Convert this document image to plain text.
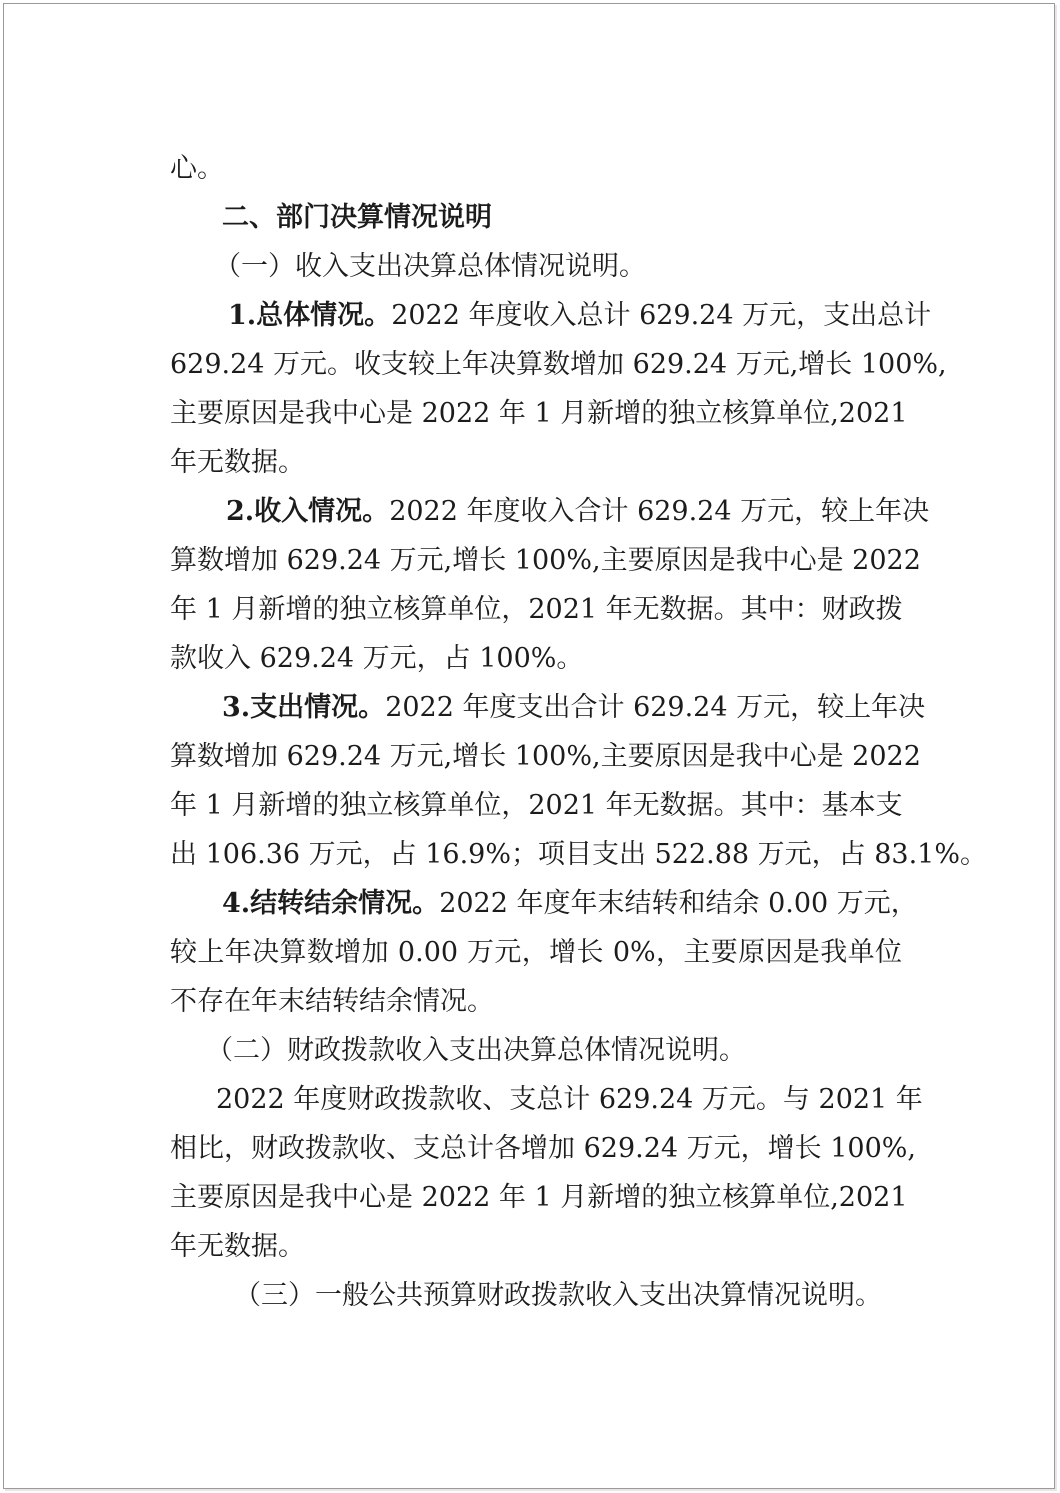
心。
二、部门决算情况说明
（一）收入支出决算总体情况说明。
1.总体情况。2022 年度收入总计 629.24 万元，支出总计
629.24 万元。收支较上年决算数增加 629.24 万元,增长 100%,
主要原因是我中心是 2022 年 1 月新增的独立核算单位,2021
年无数据。
2.收入情况。2022 年度收入合计 629.24 万元，较上年决
算数增加 629.24 万元,增长 100%,主要原因是我中心是 2022
年 1 月新增的独立核算单位，2021 年无数据。其中：财政拨
款收入 629.24 万元，占 100%。
3.支出情况。2022 年度支出合计 629.24 万元，较上年决
算数增加 629.24 万元,增长 100%,主要原因是我中心是 2022
年 1 月新增的独立核算单位，2021 年无数据。其中：基本支
出 106.36 万元，占 16.9%；项目支出 522.88 万元，占 83.1%。
4.结转结余情况。2022 年度年末结转和结余 0.00 万元，
较上年决算数增加 0.00 万元，增长 0%，主要原因是我单位
不存在年末结转结余情况。
（二）财政拨款收入支出决算总体情况说明。
2022 年度财政拨款收、支总计 629.24 万元。与 2021 年
相比，财政拨款收、支总计各增加 629.24 万元，增长 100%,
主要原因是我中心是 2022 年 1 月新增的独立核算单位,2021
年无数据。
（三）一般公共预算财政拨款收入支出决算情况说明。
